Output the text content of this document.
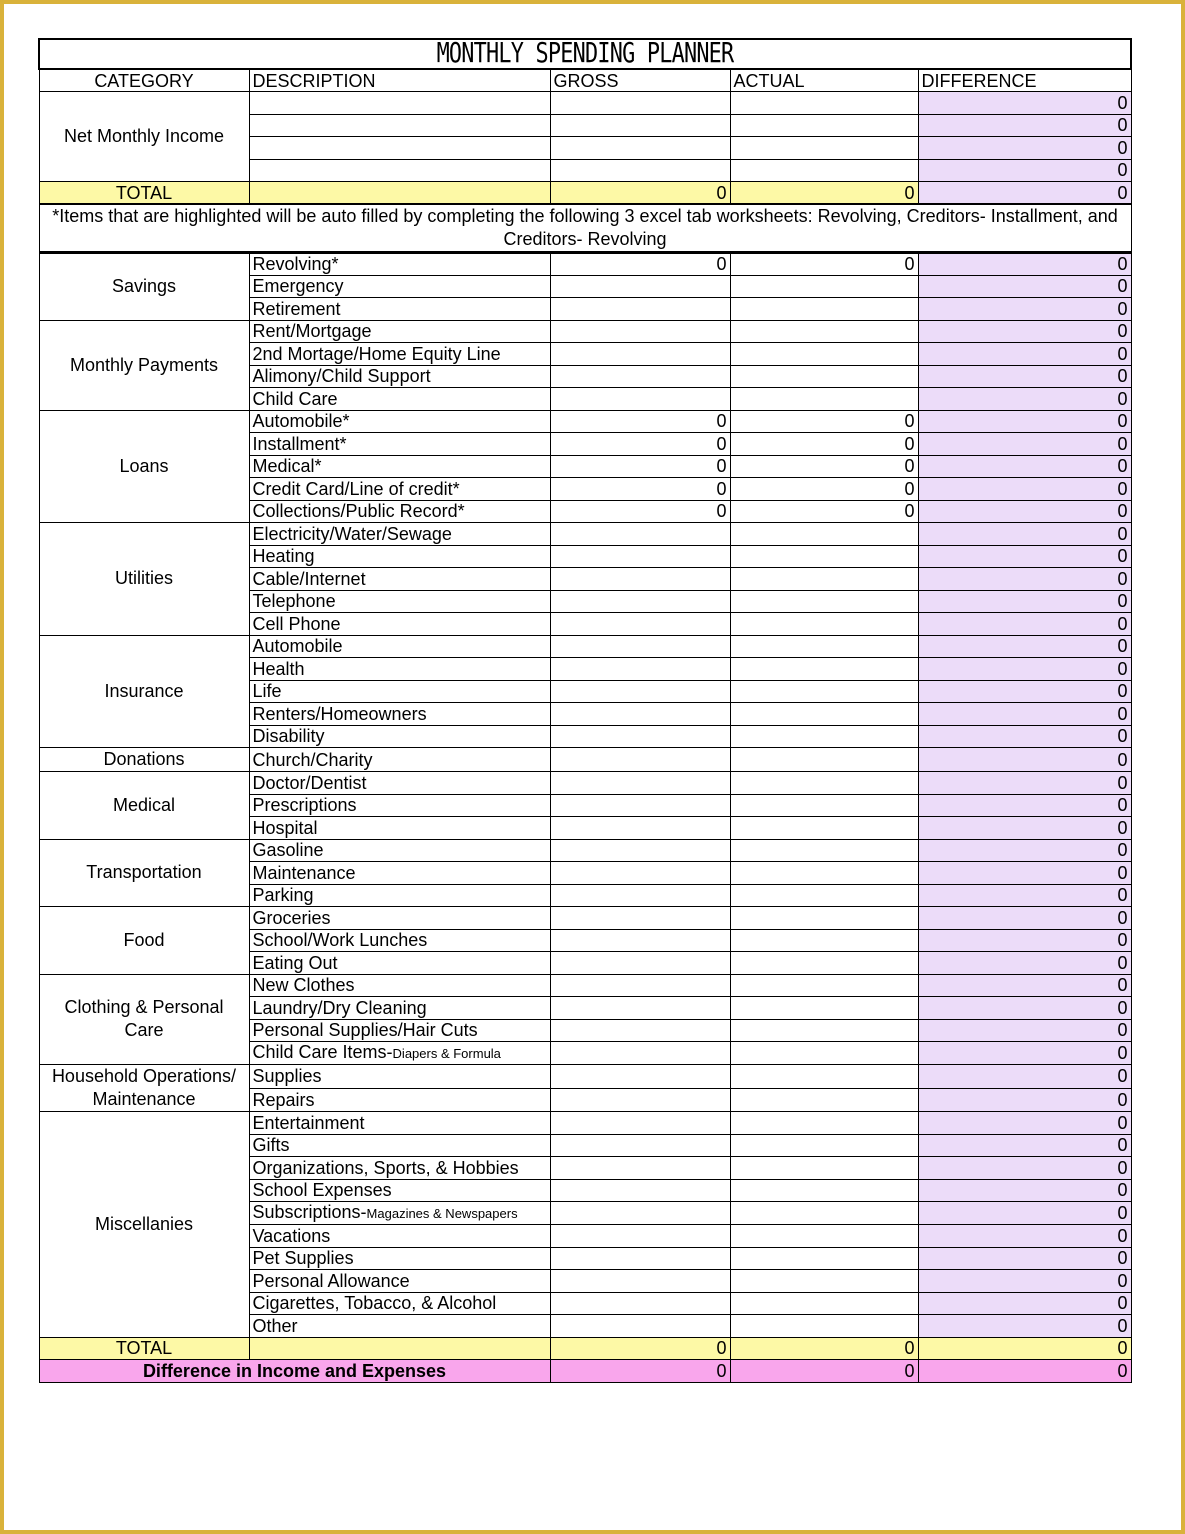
MONTHLY SPENDING PLANNER				

CATEGORY	DESCRIPTION	GROSS	ACTUAL	DIFFERENCE
Net Monthly Income				0
				0
				0
				0
TOTAL		0	0	0
*Items that are highlighted will be auto filled by completing the following 3 excel tab worksheets: Revolving, Creditors- Installment, and Creditors- Revolving				
Savings	Revolving*	0	0	0
	Emergency			0
	Retirement			0
Monthly Payments	Rent/Mortgage			0
	2nd Mortage/Home Equity Line			0
	Alimony/Child Support			0
	Child Care			0
Loans	Automobile*	0	0	0
	Installment*	0	0	0
	Medical*	0	0	0
	Credit Card/Line of credit*	0	0	0
	Collections/Public Record*	0	0	0
Utilities	Electricity/Water/Sewage			0
	Heating			0
	Cable/Internet			0
	Telephone			0
	Cell Phone			0
Insurance	Automobile			0
	Health			0
	Life			0
	Renters/Homeowners			0
	Disability			0
Donations	Church/Charity			0
Medical	Doctor/Dentist			0
	Prescriptions			0
	Hospital			0
Transportation	Gasoline			0
	Maintenance			0
	Parking			0
Food	Groceries			0
	School/Work Lunches			0
	Eating Out			0
Clothing & Personal Care	New Clothes			0
	Laundry/Dry Cleaning			0
	Personal Supplies/Hair Cuts			0
	Child Care Items-Diapers & Formula			0
Household Operations/ Maintenance	Supplies			0
	Repairs			0
Miscellanies	Entertainment			0
	Gifts			0
	Organizations, Sports, & Hobbies			0
	School Expenses			0
	Subscriptions-Magazines & Newspapers			0
	Vacations			0
	Pet Supplies			0
	Personal Allowance			0
	Cigarettes, Tobacco, & Alcohol			0
	Other			0
TOTAL		0	0	0
Difference in Income and Expenses		0	0	0
